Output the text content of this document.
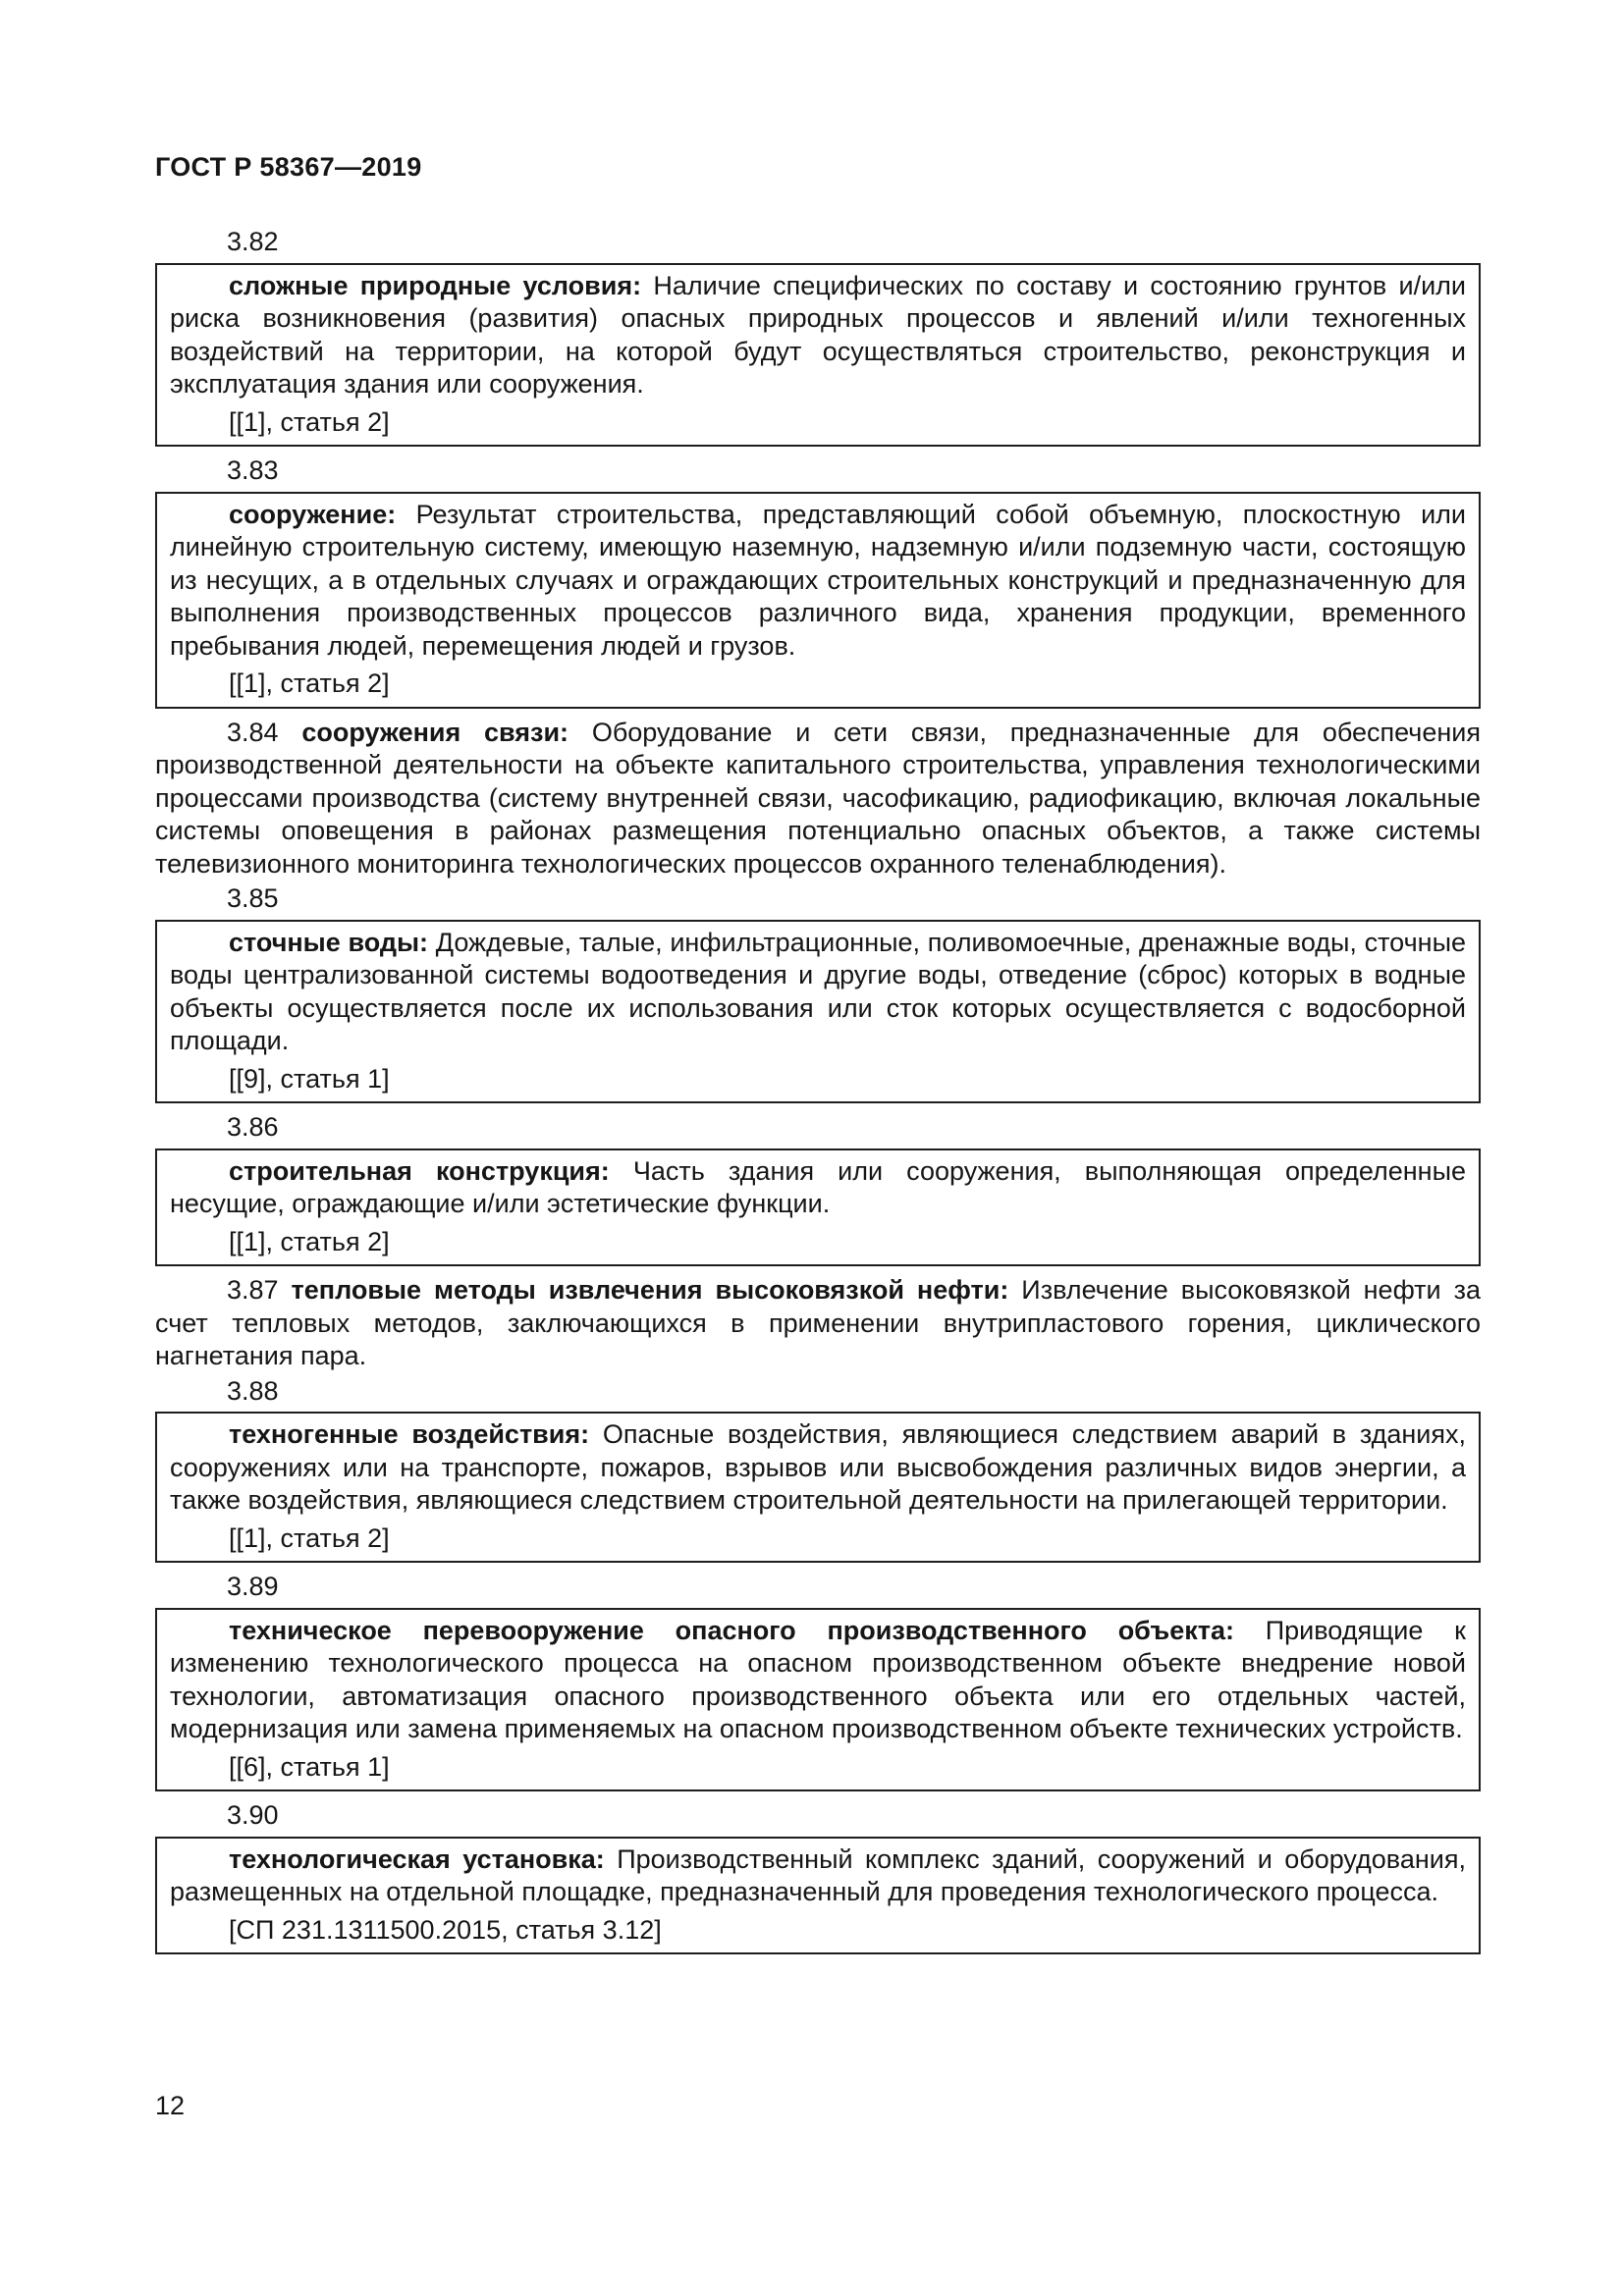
ГОСТ Р 58367—2019
3.82
сложные природные условия: Наличие специфических по составу и состоянию грунтов и/или риска возникновения (развития) опасных природных процессов и явлений и/или техногенных воздействий на территории, на которой будут осуществляться строительство, реконструкция и эксплуатация здания или сооружения.
[[1], статья 2]
3.83
сооружение: Результат строительства, представляющий собой объемную, плоскостную или линейную строительную систему, имеющую наземную, надземную и/или подземную части, состоящую из несущих, а в отдельных случаях и ограждающих строительных конструкций и предназначенную для выполнения производственных процессов различного вида, хранения продукции, временного пребывания людей, перемещения людей и грузов.
[[1], статья 2]
3.84 сооружения связи: Оборудование и сети связи, предназначенные для обеспечения производственной деятельности на объекте капитального строительства, управления технологическими процессами производства (систему внутренней связи, часофикацию, радиофикацию, включая локальные системы оповещения в районах размещения потенциально опасных объектов, а также системы телевизионного мониторинга технологических процессов охранного теленаблюдения).
3.85
сточные воды: Дождевые, талые, инфильтрационные, поливомоечные, дренажные воды, сточные воды централизованной системы водоотведения и другие воды, отведение (сброс) которых в водные объекты осуществляется после их использования или сток которых осуществляется с водосборной площади.
[[9], статья 1]
3.86
строительная конструкция: Часть здания или сооружения, выполняющая определенные несущие, ограждающие и/или эстетические функции.
[[1], статья 2]
3.87 тепловые методы извлечения высоковязкой нефти: Извлечение высоковязкой нефти за счет тепловых методов, заключающихся в применении внутрипластового горения, циклического нагнетания пара.
3.88
техногенные воздействия: Опасные воздействия, являющиеся следствием аварий в зданиях, сооружениях или на транспорте, пожаров, взрывов или высвобождения различных видов энергии, а также воздействия, являющиеся следствием строительной деятельности на прилегающей территории.
[[1], статья 2]
3.89
техническое перевооружение опасного производственного объекта: Приводящие к изменению технологического процесса на опасном производственном объекте внедрение новой технологии, автоматизация опасного производственного объекта или его отдельных частей, модернизация или замена применяемых на опасном производственном объекте технических устройств.
[[6], статья 1]
3.90
технологическая установка: Производственный комплекс зданий, сооружений и оборудования, размещенных на отдельной площадке, предназначенный для проведения технологического процесса.
[СП 231.1311500.2015, статья 3.12]
12
